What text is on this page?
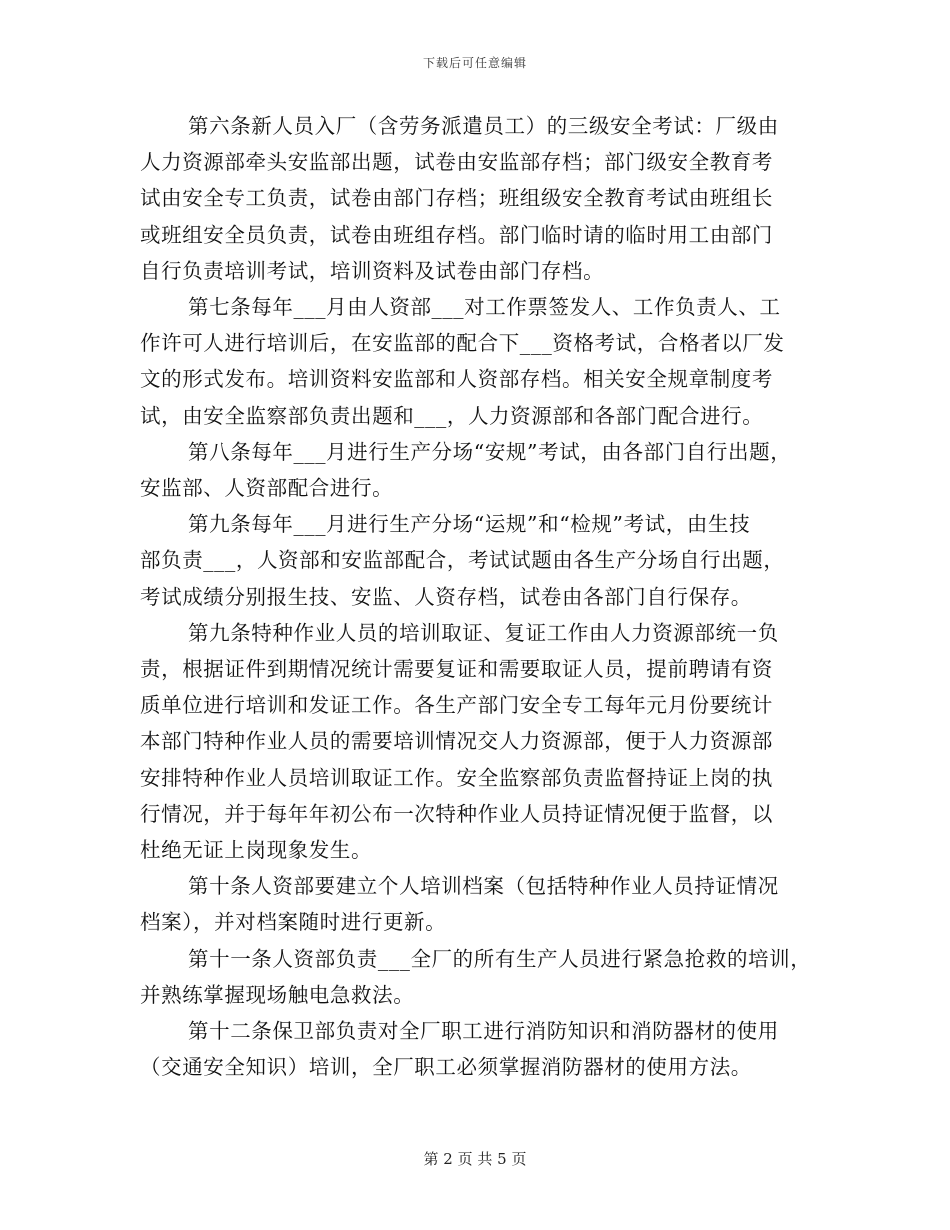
下载后可任意编辑
第六条新人员入厂（含劳务派遣员工）的三级安全考试：厂级由
人力资源部牵头安监部出题，试卷由安监部存档；部门级安全教育考
试由安全专工负责，试卷由部门存档；班组级安全教育考试由班组长
或班组安全员负责，试卷由班组存档。部门临时请的临时用工由部门
自行负责培训考试，培训资料及试卷由部门存档。
第七条每年___月由人资部___对工作票签发人、工作负责人、工
作许可人进行培训后，在安监部的配合下___资格考试，合格者以厂发
文的形式发布。培训资料安监部和人资部存档。相关安全规章制度考
试，由安全监察部负责出题和___，人力资源部和各部门配合进行。
第八条每年___月进行生产分场“安规”考试，由各部门自行出题，
安监部、人资部配合进行。
第九条每年___月进行生产分场“运规”和“检规”考试，由生技
部负责___，人资部和安监部配合，考试试题由各生产分场自行出题，
考试成绩分别报生技、安监、人资存档，试卷由各部门自行保存。
第九条特种作业人员的培训取证、复证工作由人力资源部统一负
责，根据证件到期情况统计需要复证和需要取证人员，提前聘请有资
质单位进行培训和发证工作。各生产部门安全专工每年元月份要统计
本部门特种作业人员的需要培训情况交人力资源部，便于人力资源部
安排特种作业人员培训取证工作。安全监察部负责监督持证上岗的执
行情况，并于每年年初公布一次特种作业人员持证情况便于监督，以
杜绝无证上岗现象发生。
第十条人资部要建立个人培训档案（包括特种作业人员持证情况
档案），并对档案随时进行更新。
第十一条人资部负责___全厂的所有生产人员进行紧急抢救的培训，
并熟练掌握现场触电急救法。
第十二条保卫部负责对全厂职工进行消防知识和消防器材的使用
（交通安全知识）培训，全厂职工必须掌握消防器材的使用方法。
第 2 页 共 5 页
